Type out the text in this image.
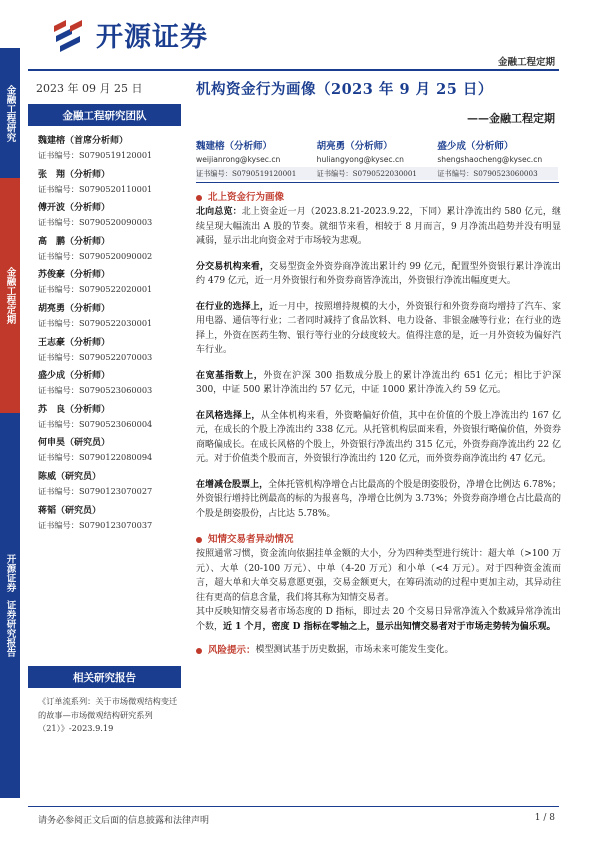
金融工程研究
金融工程定期
开源证券
证券研究报告
开源证券
金融工程定期
2023 年 09 月 25 日
金融工程研究团队
魏建榕（首席分析师）
证书编号：S0790519120001
张　翔（分析师）
证书编号：S0790520110001
傅开波（分析师）
证书编号：S0790520090003
高　鹏（分析师）
证书编号：S0790520090002
苏俊豪（分析师）
证书编号：S0790522020001
胡亮勇（分析师）
证书编号：S0790522030001
王志豪（分析师）
证书编号：S0790522070003
盛少成（分析师）
证书编号：S0790523060003
苏　良（分析师）
证书编号：S0790523060004
何申昊（研究员）
证书编号：S0790122080094
陈威（研究员）
证书编号：S0790123070027
蒋韬（研究员）
证书编号：S0790123070037
相关研究报告
《订单流系列：关于市场微观结构变迁的故事—市场微观结构研究系列（21）》-2023.9.19
机构资金行为画像（2023 年 9 月 25 日）
——金融工程定期
魏建榕（分析师）
weijianrong@kysec.cn
胡亮勇（分析师）
huliangyong@kysec.cn
盛少成（分析师）
shengshaocheng@kysec.cn
证书编号：S0790519120001	证书编号：S0790522030001	证书编号：S0790523060003
北上资金行为画像

北向总览：北上资金近一月（2023.8.21-2023.9.22，下同）累计净流出约 580 亿元，继续呈现大幅流出 A 股的节奏。就细节来看，相较于 8 月而言，9 月净流出趋势并没有明显减弱，显示出北向资金对于市场较为悲观。

分交易机构来看，交易型资金外资券商净流出累计约 99 亿元，配置型外资银行累计净流出约 479 亿元，近一月外资银行和外资券商皆净流出，外资银行净流出幅度更大。

在行业的选择上，近一月中，按照增持规模的大小，外资银行和外资券商均增持了汽车、家用电器、通信等行业；二者同时减持了食品饮料、电力设备、非银金融等行业；在行业的选择上，外资在医药生物、银行等行业的分歧度较大。值得注意的是，近一月外资较为偏好汽车行业。

在宽基指数上，外资在沪深 300 指数成分股上的累计净流出约 651 亿元；相比于沪深 300，中证 500 累计净流出约 57 亿元，中证 1000 累计净流入约 59 亿元。

在风格选择上，从全体机构来看，外资略偏好价值，其中在价值的个股上净流出约 167 亿元，在成长的个股上净流出约 338 亿元。从托管机构层面来看，外资银行略偏价值，外资券商略偏成长。在成长风格的个股上，外资银行净流出约 315 亿元，外资券商净流出约 22 亿元。对于价值类个股而言，外资银行净流出约 120 亿元，而外资券商净流出约 47 亿元。

在增减仓股票上，全体托管机构净增仓占比最高的个股是朗姿股份，净增仓比例达 6.78%；外资银行增持比例最高的标的为报喜鸟，净增仓比例为 3.73%；外资券商净增仓占比最高的个股是朗姿股份，占比达 5.78%。

知情交易者异动情况

按照通常习惯，资金流向依据挂单金额的大小，分为四种类型进行统计：超大单（>100 万元）、大单（20-100 万元）、中单（4-20 万元）和小单（<4 万元）。对于四种资金流而言，超大单和大单交易意愿更强，交易金额更大，在筹码流动的过程中更加主动，其异动往往有更高的信息含量，我们将其称为知情交易者。

其中反映知情交易者市场态度的 D 指标，即过去 20 个交易日异常净流入个数减异常净流出个数，近 1 个月，密度 D 指标在零轴之上，显示出知情交易者对于市场走势转为偏乐观。

风险提示： 模型测试基于历史数据，市场未来可能发生变化。
请务必参阅正文后面的信息披露和法律声明	1 / 8
